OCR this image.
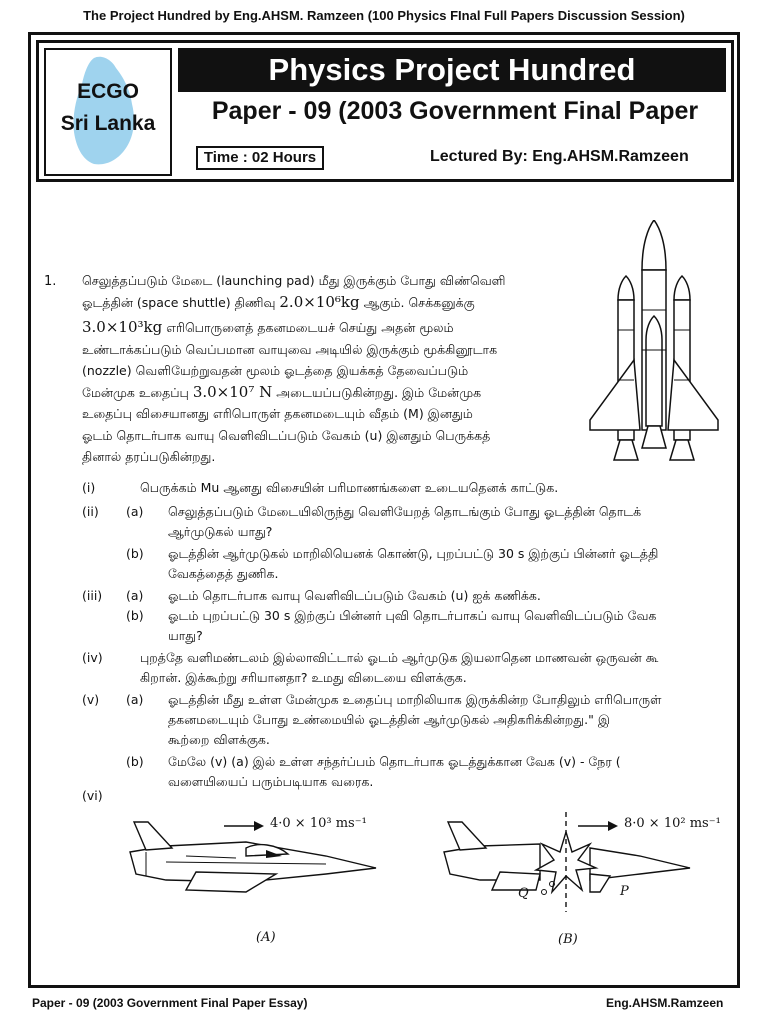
The Project Hundred by Eng.AHSM. Ramzeen (100 Physics FInal Full Papers Discussion Session)
ECGO
Sri Lanka
Physics Project Hundred
Paper - 09 (2003 Government Final Paper
Time : 02 Hours	Lectured By: Eng.AHSM.Ramzeen
1. செலுத்தப்படும் மேடை (launching pad) மீது இருக்கும் போது விண்வெளி

ஓடத்தின் (space shuttle) திணிவு 2.0×10⁶kg ஆகும். செக்கனுக்கு

3.0×10³kg எரிபொருளைத் தகனமடையச் செய்து அதன் மூலம்

உண்டாக்கப்படும் வெப்பமான வாயுவை அடியில் இருக்கும் மூக்கினூடாக

(nozzle) வெளியேற்றுவதன் மூலம் ஓடத்தை இயக்கத் தேவைப்படும்

மேன்முக உதைப்பு 3.0×10⁷ N அடையப்படுகின்றது. இம் மேன்முக

உதைப்பு விசையானது எரிபொருள் தகனமடையும் வீதம் (M) இனதும்

ஓடம் தொடர்பாக வாயு வெளிவிடப்படும் வேகம் (u) இனதும் பெருக்கத்

தினால் தரப்படுகின்றது.

(i)	பெருக்கம் Mu ஆனது விசையின் பரிமாணங்களை உடையதெனக் காட்டுக.
(ii) (a) செலுத்தப்படும் மேடையிலிருந்து வெளியேறத் தொடங்கும் போது ஓடத்தின் தொடக்
ஆர்முடுகல் யாது?
(b) ஓடத்தின் ஆர்முடுகல் மாறிலியெனக் கொண்டு, புறப்பட்டு 30 s இற்குப் பின்னர் ஓடத்தி
வேகத்தைத் துணிக.
(iii) (a) ஓடம் தொடர்பாக வாயு வெளிவிடப்படும் வேகம் (u) ஐக் கணிக்க.
(b) ஓடம் புறப்பட்டு 30 s இற்குப் பின்னர் புவி தொடர்பாகப் வாயு வெளிவிடப்படும் வேக
யாது?
(iv)	புறத்தே வளிமண்டலம் இல்லாவிட்டால் ஓடம் ஆர்முடுக இயலாதென மாணவன் ஒருவன் கூ
கிறான். இக்கூற்று சரியானதா? உமது விடையை விளக்குக.
(v) (a) ஓடத்தின் மீது உள்ள மேன்முக உதைப்பு மாறிலியாக இருக்கின்ற போதிலும் எரிபொருள்
தகனமடையும் போது உண்மையில் ஓடத்தின் ஆர்முடுகல் அதிகரிக்கின்றது." இ
கூற்றை விளக்குக.
(b) மேலே (v) (a) இல் உள்ள சந்தர்ப்பம் தொடர்பாக ஓடத்துக்கான வேக (v) - நேர (
வளையியைப் பரும்படியாக வரைக.
(vi)
4·0 × 10³ ms⁻¹
(A)
8·0 × 10² ms⁻¹
Q	P
(B)
Paper - 09 (2003 Government Final Paper Essay)	Eng.AHSM.Ramzeen
